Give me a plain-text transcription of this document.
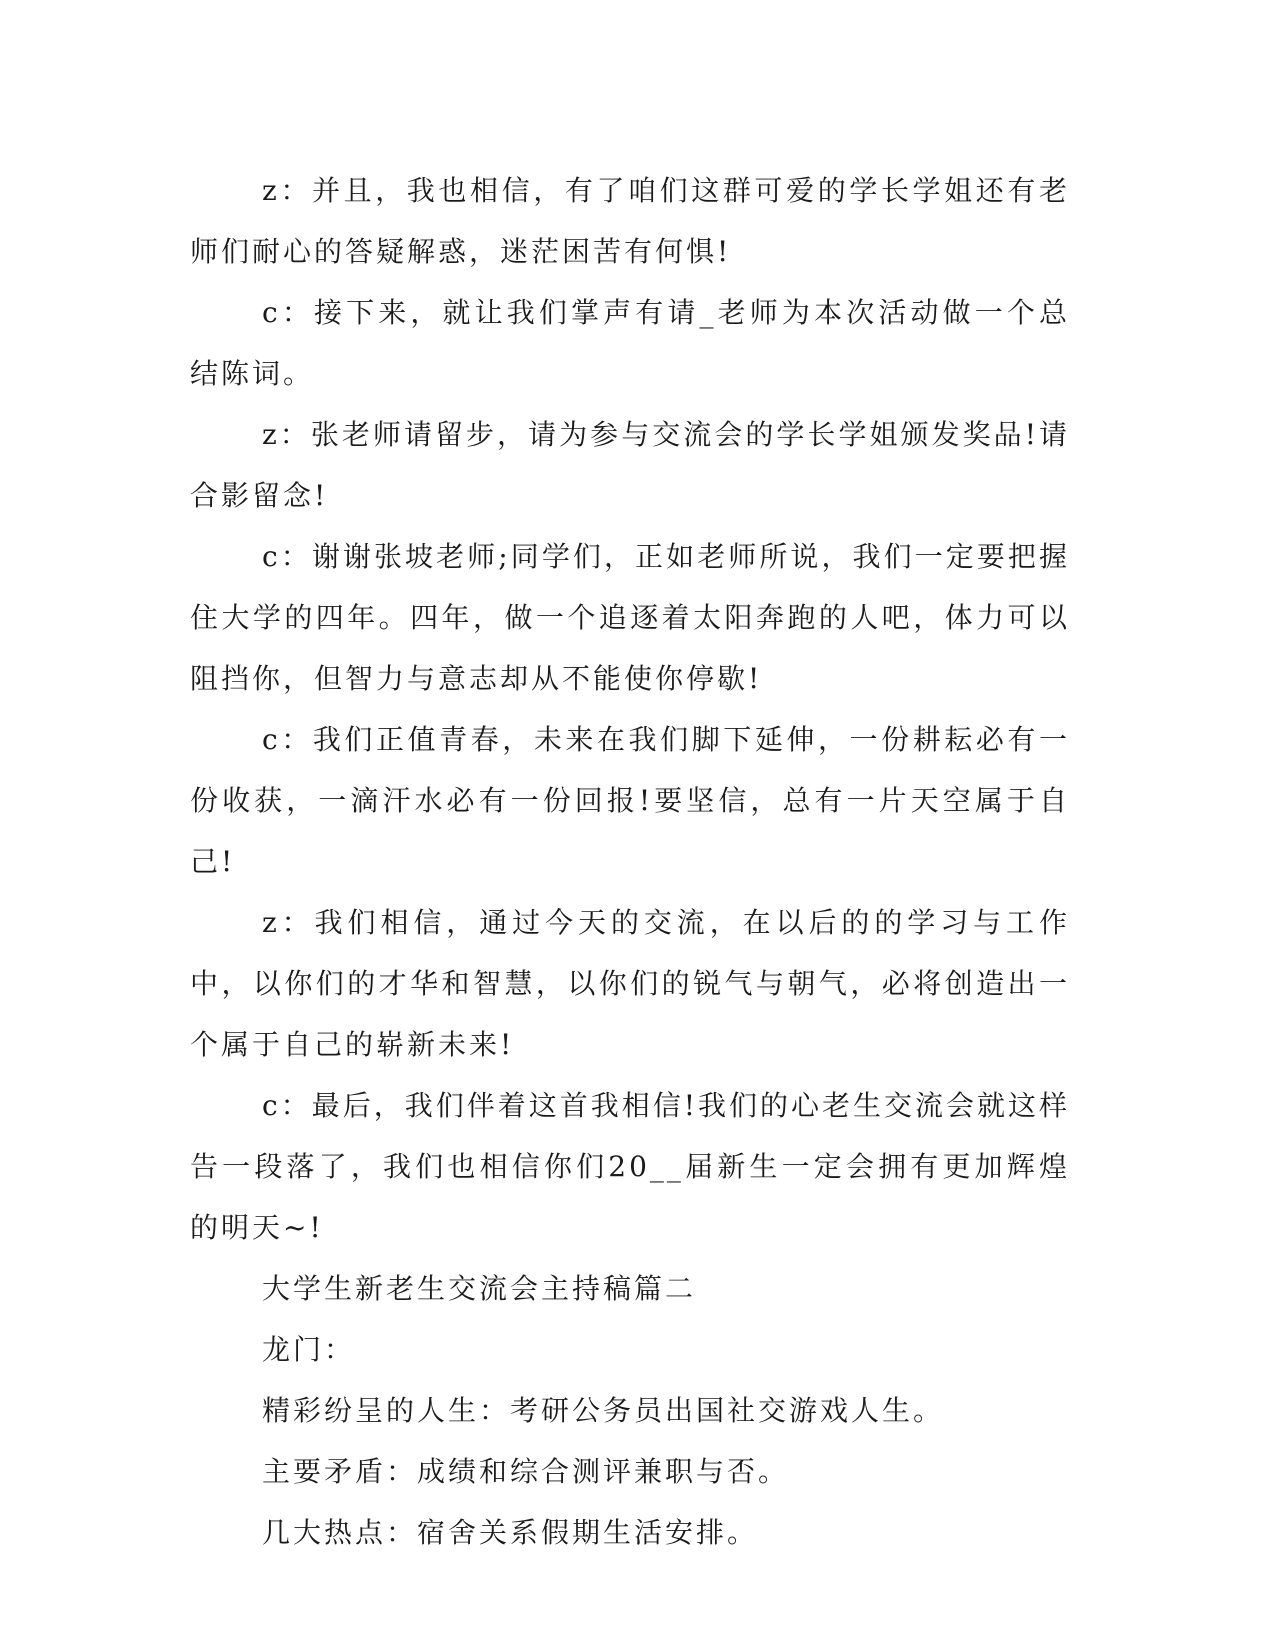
z：并且，我也相信，有了咱们这群可爱的学长学姐还有老师们耐心的答疑解惑，迷茫困苦有何惧!

c：接下来，就让我们掌声有请_老师为本次活动做一个总结陈词。

z：张老师请留步，请为参与交流会的学长学姐颁发奖品!请合影留念!

c：谢谢张坡老师;同学们，正如老师所说，我们一定要把握住大学的四年。四年，做一个追逐着太阳奔跑的人吧，体力可以阻挡你，但智力与意志却从不能使你停歇!

c：我们正值青春，未来在我们脚下延伸，一份耕耘必有一份收获，一滴汗水必有一份回报!要坚信，总有一片天空属于自己!

z：我们相信，通过今天的交流，在以后的的学习与工作中，以你们的才华和智慧，以你们的锐气与朝气，必将创造出一个属于自己的崭新未来!

c：最后，我们伴着这首我相信!我们的心老生交流会就这样告一段落了，我们也相信你们20__届新生一定会拥有更加辉煌的明天~!

大学生新老生交流会主持稿篇二

龙门：

精彩纷呈的人生：考研公务员出国社交游戏人生。

主要矛盾：成绩和综合测评兼职与否。

几大热点：宿舍关系假期生活安排。
